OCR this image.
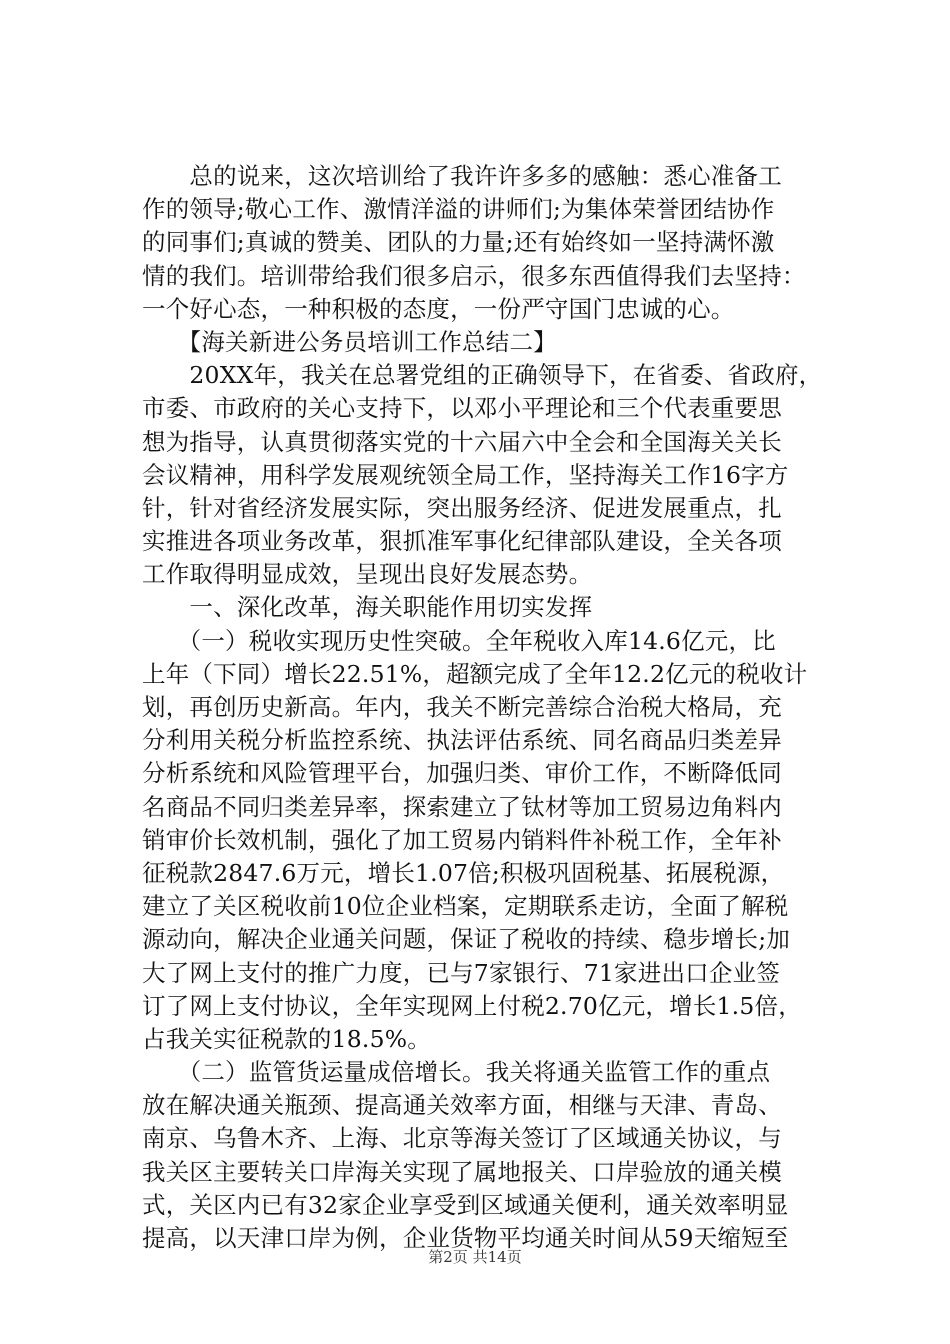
　　总的说来，这次培训给了我许许多多的感触：悉心准备工
作的领导;敬心工作、激情洋溢的讲师们;为集体荣誉团结协作
的同事们;真诚的赞美、团队的力量;还有始终如一坚持满怀激
情的我们。培训带给我们很多启示，很多东西值得我们去坚持：
一个好心态，一种积极的态度，一份严守国门忠诚的心。
　　【海关新进公务员培训工作总结二】
　　20XX年，我关在总署党组的正确领导下，在省委、省政府，
市委、市政府的关心支持下，以邓小平理论和三个代表重要思
想为指导，认真贯彻落实党的十六届六中全会和全国海关关长
会议精神，用科学发展观统领全局工作，坚持海关工作16字方
针，针对省经济发展实际，突出服务经济、促进发展重点，扎
实推进各项业务改革，狠抓准军事化纪律部队建设，全关各项
工作取得明显成效，呈现出良好发展态势。
　　一、深化改革，海关职能作用切实发挥
　　（一）税收实现历史性突破。全年税收入库14.6亿元，比
上年（下同）增长22.51%，超额完成了全年12.2亿元的税收计
划，再创历史新高。年内，我关不断完善综合治税大格局，充
分利用关税分析监控系统、执法评估系统、同名商品归类差异
分析系统和风险管理平台，加强归类、审价工作，不断降低同
名商品不同归类差异率，探索建立了钛材等加工贸易边角料内
销审价长效机制，强化了加工贸易内销料件补税工作，全年补
征税款2847.6万元，增长1.07倍;积极巩固税基、拓展税源，
建立了关区税收前10位企业档案，定期联系走访，全面了解税
源动向，解决企业通关问题，保证了税收的持续、稳步增长;加
大了网上支付的推广力度，已与7家银行、71家进出口企业签
订了网上支付协议，全年实现网上付税2.70亿元，增长1.5倍，
占我关实征税款的18.5%。
　　（二）监管货运量成倍增长。我关将通关监管工作的重点
放在解决通关瓶颈、提高通关效率方面，相继与天津、青岛、
南京、乌鲁木齐、上海、北京等海关签订了区域通关协议，与
我关区主要转关口岸海关实现了属地报关、口岸验放的通关模
式，关区内已有32家企业享受到区域通关便利，通关效率明显
提高，以天津口岸为例，企业货物平均通关时间从59天缩短至
第2页 共14页
